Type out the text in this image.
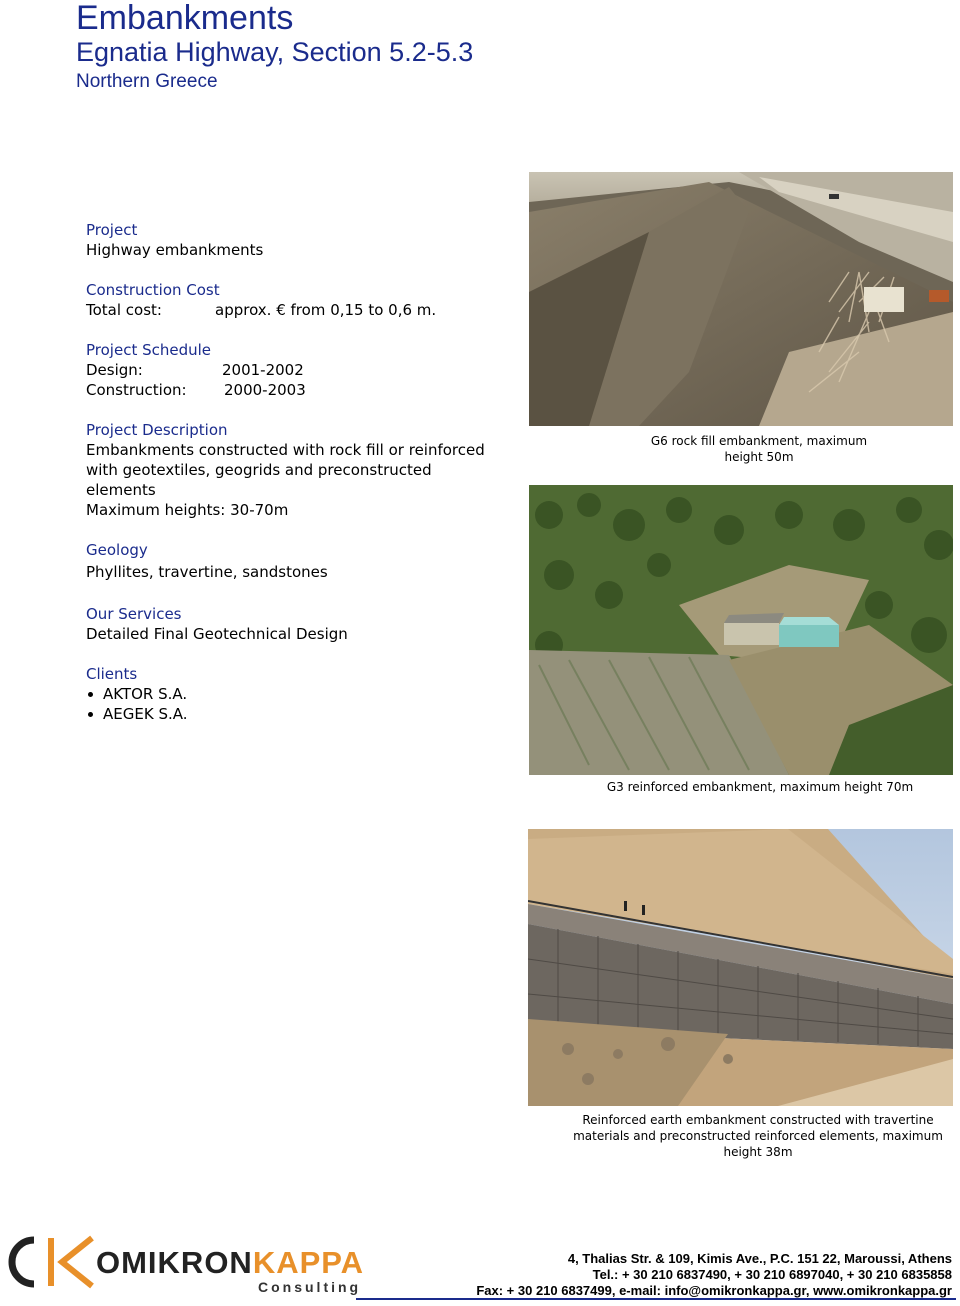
Embankments
Egnatia Highway, Section 5.2-5.3
Northern Greece
Project
Highway embankments
Construction Cost
Total cost:	approx. € from 0,15 to 0,6 m.
Project Schedule
Design:	2001-2002
Construction: 2000-2003
Project Description
Embankments constructed with rock fill or reinforced
with geotextiles, geogrids and preconstructed
elements
Maximum heights: 30-70m
Geology
Phyllites, travertine, sandstones
Our Services
Detailed Final Geotechnical Design
Clients
AKTOR S.A.
AEGEK S.A.
G6 rock fill embankment, maximum
height 50m
G3 reinforced embankment, maximum height 70m
Reinforced earth embankment constructed with travertine
materials and preconstructed reinforced elements, maximum
height 38m
OMIKRONKAPPA
Consulting
4, Thalias Str. & 109, Kimis Ave., P.C. 151 22, Maroussi, Athens
Tel.: + 30 210 6837490, + 30 210 6897040, + 30 210 6835858
Fax: + 30 210 6837499, e-mail: info@omikronkappa.gr, www.omikronkappa.gr
